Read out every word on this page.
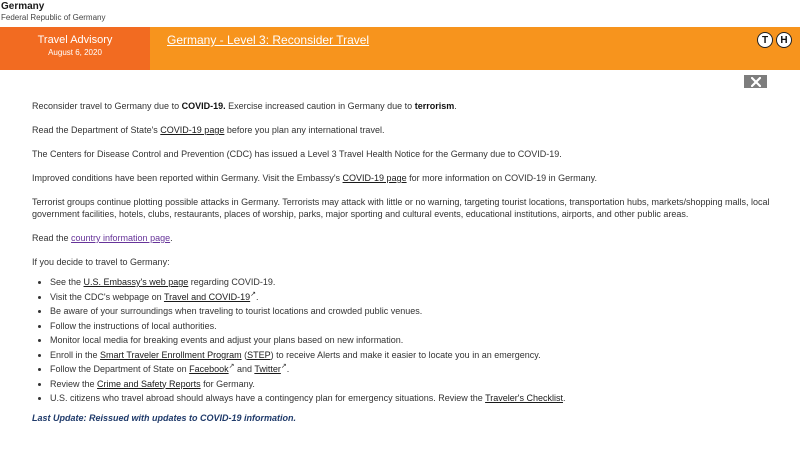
Germany
Federal Republic of Germany
Travel Advisory
August 6, 2020
Germany - Level 3: Reconsider Travel	T	H

Reconsider travel to Germany due to COVID-19. Exercise increased caution in Germany due to terrorism.

Read the Department of State's COVID-19 page before you plan any international travel.

The Centers for Disease Control and Prevention (CDC) has issued a Level 3 Travel Health Notice for the Germany due to COVID-19.

Improved conditions have been reported within Germany. Visit the Embassy's COVID-19 page for more information on COVID-19 in Germany.

Terrorist groups continue plotting possible attacks in Germany. Terrorists may attack with little or no warning, targeting tourist locations, transportation hubs, markets/shopping malls, local government facilities, hotels, clubs, restaurants, places of worship, parks, major sporting and cultural events, educational institutions, airports, and other public areas.

Read the country information page.

If you decide to travel to Germany:

• See the U.S. Embassy's web page regarding COVID-19.
• Visit the CDC's webpage on Travel and COVID-19↗.
• Be aware of your surroundings when traveling to tourist locations and crowded public venues.
• Follow the instructions of local authorities.
• Monitor local media for breaking events and adjust your plans based on new information.
• Enroll in the Smart Traveler Enrollment Program (STEP) to receive Alerts and make it easier to locate you in an emergency.
• Follow the Department of State on Facebook↗ and Twitter↗.
• Review the Crime and Safety Reports for Germany.
• U.S. citizens who travel abroad should always have a contingency plan for emergency situations. Review the Traveler's Checklist.
Last Update: Reissued with updates to COVID-19 information.
